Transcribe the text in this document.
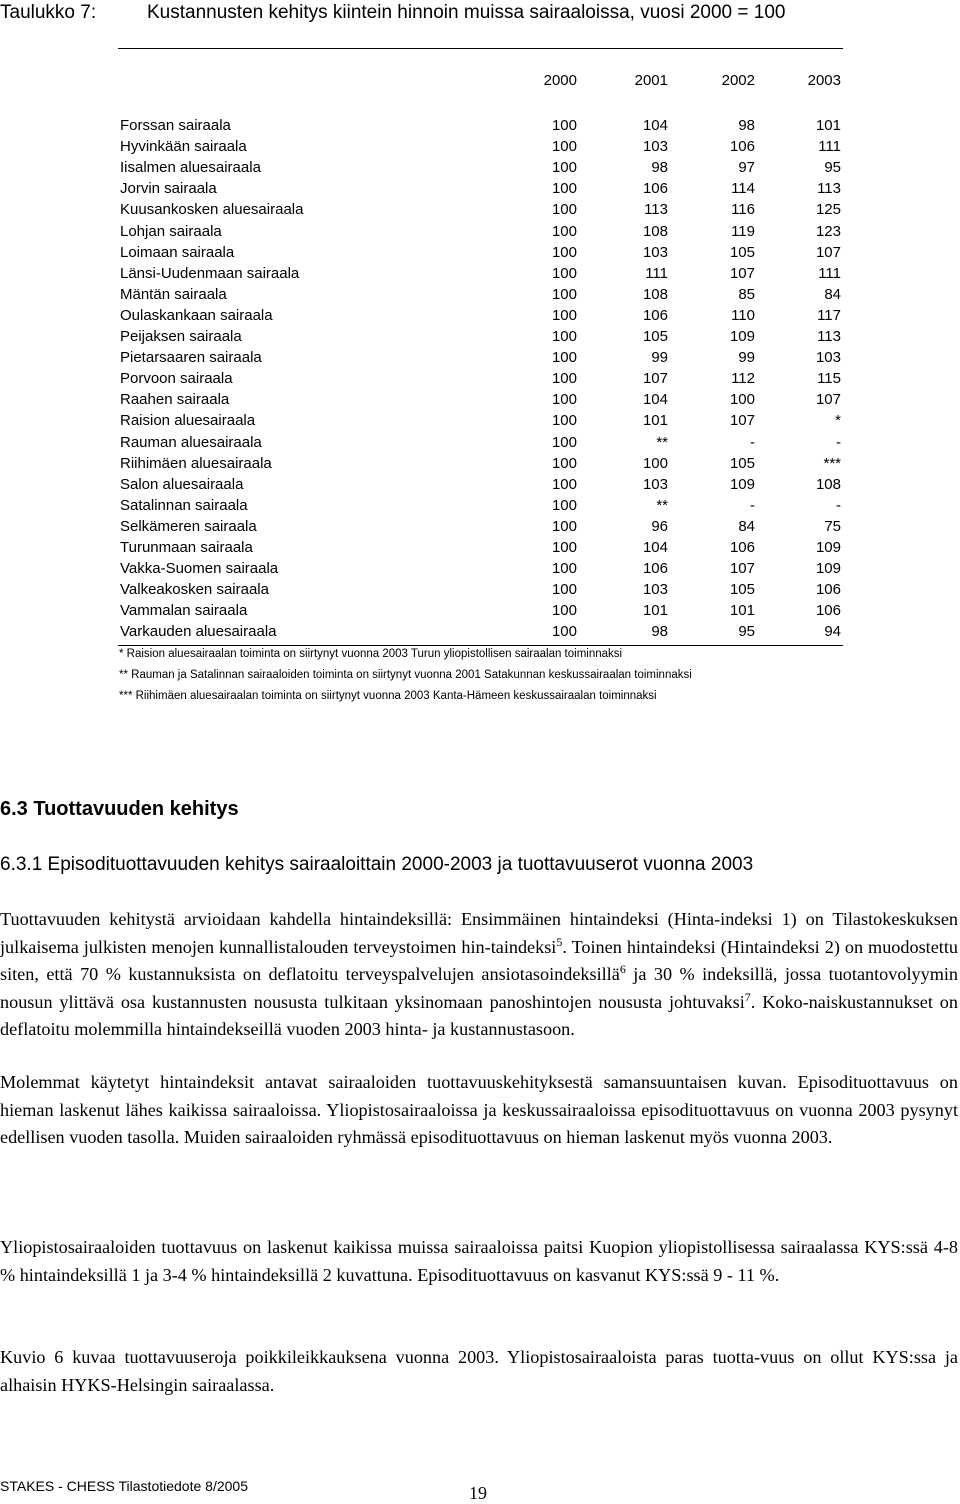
Taulukko 7:	Kustannusten kehitys kiintein hinnoin muissa sairaaloissa, vuosi 2000 = 100
2000	2001	2002	2003
Forssan sairaala	100	104	98	101
Hyvinkään sairaala	100	103	106	111
Iisalmen aluesairaala	100	98	97	95
Jorvin sairaala	100	106	114	113
Kuusankosken aluesairaala	100	113	116	125
Lohjan sairaala	100	108	119	123
Loimaan sairaala	100	103	105	107
Länsi-Uudenmaan sairaala	100	111	107	111
Mäntän sairaala	100	108	85	84
Oulaskankaan sairaala	100	106	110	117
Peijaksen sairaala	100	105	109	113
Pietarsaaren sairaala	100	99	99	103
Porvoon sairaala	100	107	112	115
Raahen sairaala	100	104	100	107
Raision aluesairaala	100	101	107	*
Rauman aluesairaala	100	**	-	-
Riihimäen aluesairaala	100	100	105	***
Salon aluesairaala	100	103	109	108
Satalinnan sairaala	100	**	-	-
Selkämeren sairaala	100	96	84	75
Turunmaan sairaala	100	104	106	109
Vakka-Suomen sairaala	100	106	107	109
Valkeakosken sairaala	100	103	105	106
Vammalan sairaala	100	101	101	106
Varkauden aluesairaala	100	98	95	94
* Raision aluesairaalan toiminta on siirtynyt vuonna 2003 Turun yliopistollisen sairaalan toiminnaksi
** Rauman ja Satalinnan sairaaloiden toiminta on siirtynyt vuonna 2001 Satakunnan keskussairaalan toiminnaksi
*** Riihimäen aluesairaalan toiminta on siirtynyt vuonna 2003 Kanta-Hämeen keskussairaalan toiminnaksi
6.3 Tuottavuuden kehitys
6.3.1 Episodituottavuuden kehitys sairaaloittain 2000-2003 ja tuottavuuserot vuonna 2003

Tuottavuuden kehitystä arvioidaan kahdella hintaindeksillä: Ensimmäinen hintaindeksi (Hinta-indeksi 1) on Tilastokeskuksen julkaisema julkisten menojen kunnallistalouden terveystoimen hin-taindeksi$^5$. Toinen hintaindeksi (Hintaindeksi 2) on muodostettu siten, että 70 % kustannuksista on deflatoitu terveyspalvelujen ansiotasoindeksillä$^6$ ja 30 % indeksillä, jossa tuotantovolyymin nousun ylittävä osa kustannusten noususta tulkitaan yksinomaan panoshintojen noususta johtuvaksi$^7$. Koko-naiskustannukset on deflatoitu molemmilla hintaindekseillä vuoden 2003 hinta- ja kustannustasoon.

Molemmat käytetyt hintaindeksit antavat sairaaloiden tuottavuuskehityksestä samansuuntaisen kuvan. Episodituottavuus on hieman laskenut lähes kaikissa sairaaloissa. Yliopistosairaaloissa ja keskussairaaloissa episodituottavuus on vuonna 2003 pysynyt edellisen vuoden tasolla. Muiden sairaaloiden ryhmässä episodituottavuus on hieman laskenut myös vuonna 2003.

Yliopistosairaaloiden tuottavuus on laskenut kaikissa muissa sairaaloissa paitsi Kuopion yliopistollisessa sairaalassa KYS:ssä 4-8 % hintaindeksillä 1 ja 3-4 % hintaindeksillä 2 kuvattuna. Episodituottavuus on kasvanut KYS:ssä 9 - 11 %.

Kuvio 6 kuvaa tuottavuuseroja poikkileikkauksena vuonna 2003. Yliopistosairaaloista paras tuotta-vuus on ollut KYS:ssa ja alhaisin HYKS-Helsingin sairaalassa.

STAKES - CHESS Tilastotiedote 8/2005	19
